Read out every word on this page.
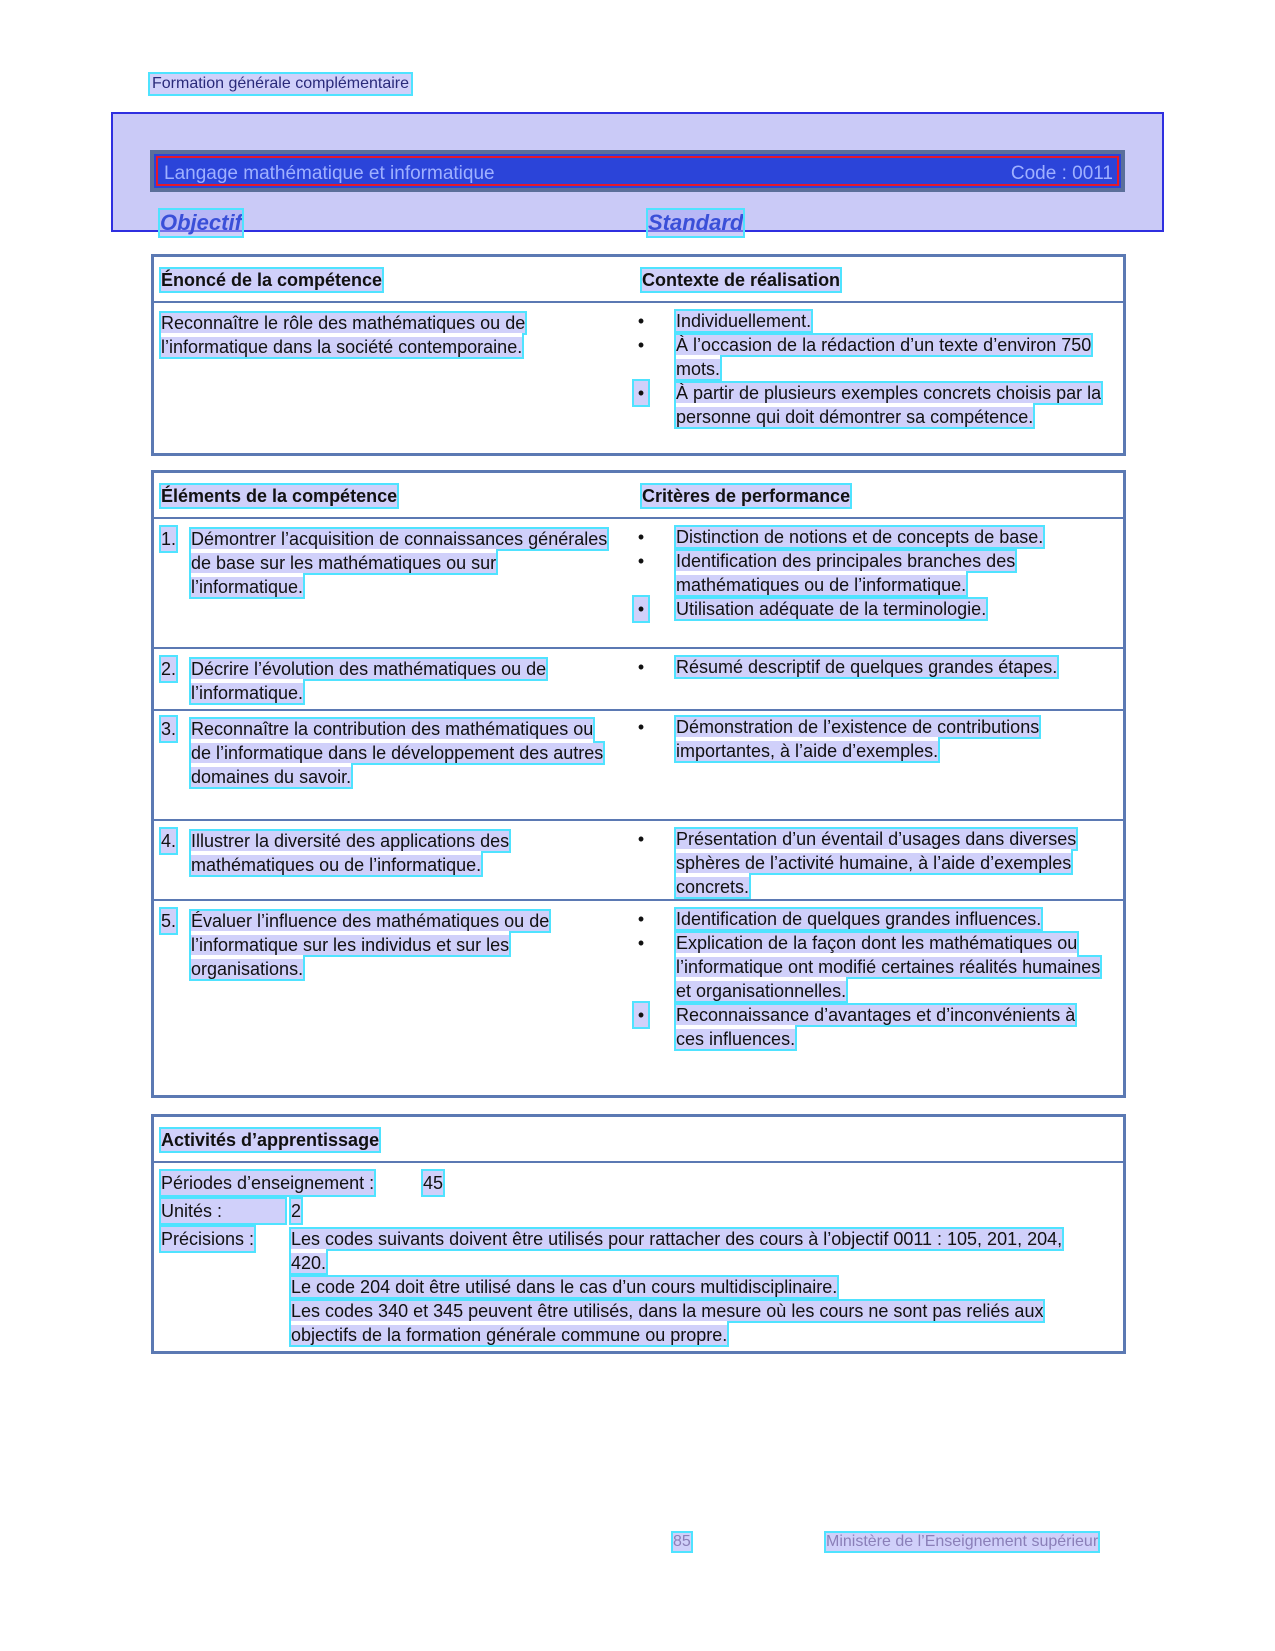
Formation générale complémentaire
Langage mathématique et informatique	Code : 0011
Objectif	Standard
Énoncé de la compétence	Contexte de réalisation
Reconnaître le rôle des mathématiques ou de l’informatique dans la société contemporaine.
• Individuellement.
• À l’occasion de la rédaction d’un texte d’environ 750 mots.
• À partir de plusieurs exemples concrets choisis par la personne qui doit démontrer sa compétence.
Éléments de la compétence	Critères de performance
1. Démontrer l’acquisition de connaissances générales de base sur les mathématiques ou sur l’informatique.
• Distinction de notions et de concepts de base.
• Identification des principales branches des mathématiques ou de l’informatique.
• Utilisation adéquate de la terminologie.
2. Décrire l’évolution des mathématiques ou de l’informatique.
• Résumé descriptif de quelques grandes étapes.
3. Reconnaître la contribution des mathématiques ou de l’informatique dans le développement des autres domaines du savoir.
• Démonstration de l’existence de contributions importantes, à l’aide d’exemples.
4. Illustrer la diversité des applications des mathématiques ou de l’informatique.
• Présentation d’un éventail d’usages dans diverses sphères de l’activité humaine, à l’aide d’exemples concrets.
5. Évaluer l’influence des mathématiques ou de l’informatique sur les individus et sur les organisations.
• Identification de quelques grandes influences.
• Explication de la façon dont les mathématiques ou l’informatique ont modifié certaines réalités humaines et organisationnelles.
• Reconnaissance d’avantages et d’inconvénients à ces influences.
Activités d’apprentissage
Périodes d’enseignement :	45
Unités :	2
Précisions : Les codes suivants doivent être utilisés pour rattacher des cours à l’objectif 0011 : 105, 201, 204, 420.
Le code 204 doit être utilisé dans le cas d’un cours multidisciplinaire.
Les codes 340 et 345 peuvent être utilisés, dans la mesure où les cours ne sont pas reliés aux objectifs de la formation générale commune ou propre.
85	Ministère de l’Enseignement supérieur
